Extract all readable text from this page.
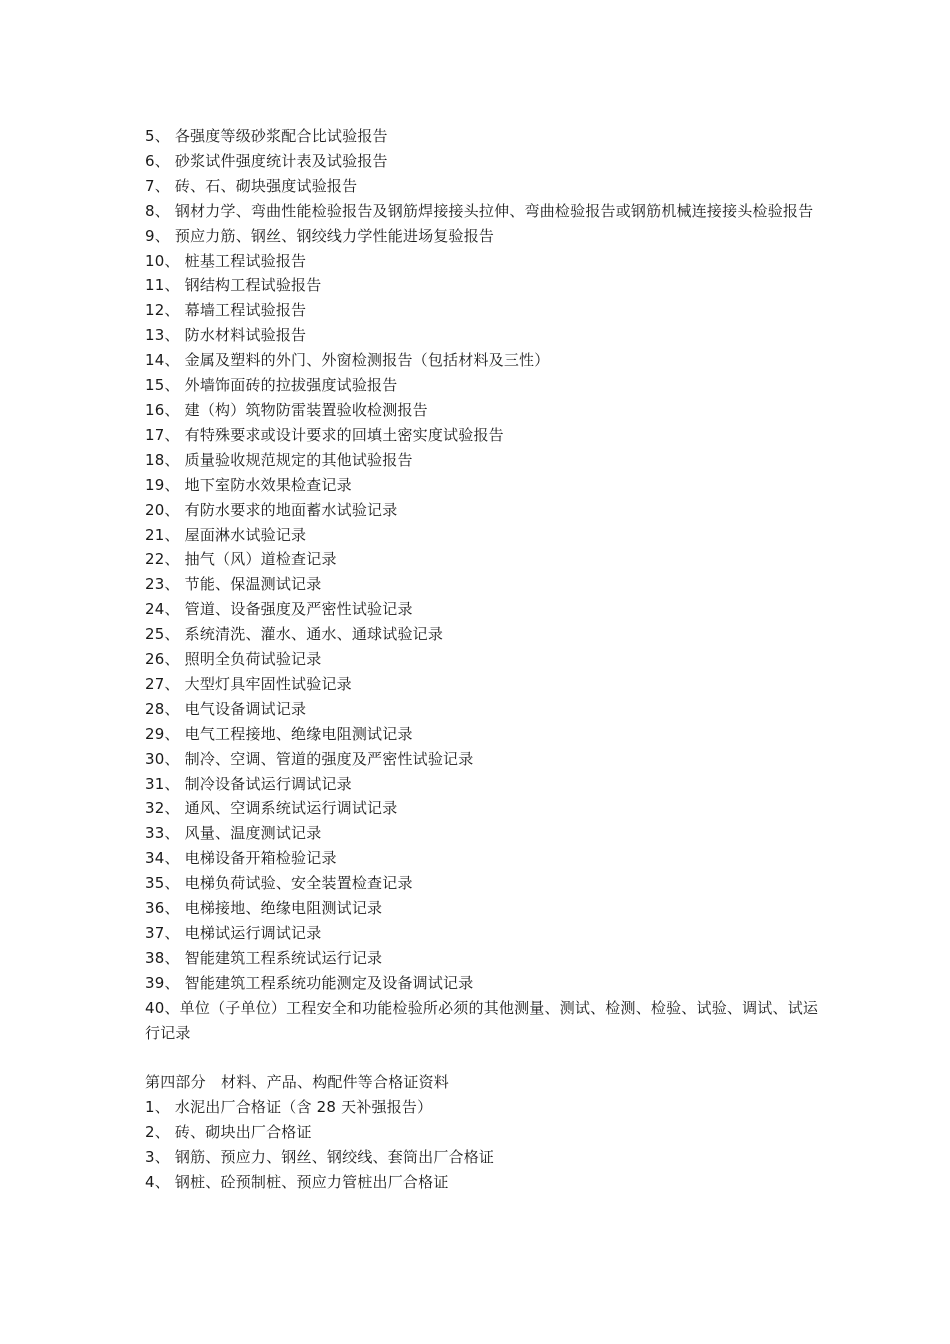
5、 各强度等级砂浆配合比试验报告

6、 砂浆试件强度统计表及试验报告

7、 砖、石、砌块强度试验报告

8、 钢材力学、弯曲性能检验报告及钢筋焊接接头拉伸、弯曲检验报告或钢筋机械连接接头检验报告

9、 预应力筋、钢丝、钢绞线力学性能进场复验报告

10、 桩基工程试验报告

11、 钢结构工程试验报告

12、 幕墙工程试验报告

13、 防水材料试验报告

14、 金属及塑料的外门、外窗检测报告（包括材料及三性）

15、 外墙饰面砖的拉拔强度试验报告

16、 建（构）筑物防雷装置验收检测报告

17、 有特殊要求或设计要求的回填土密实度试验报告

18、 质量验收规范规定的其他试验报告

19、 地下室防水效果检查记录

20、 有防水要求的地面蓄水试验记录

21、 屋面淋水试验记录

22、 抽气（风）道检查记录

23、 节能、保温测试记录

24、 管道、设备强度及严密性试验记录

25、 系统清洗、灌水、通水、通球试验记录

26、 照明全负荷试验记录

27、 大型灯具牢固性试验记录

28、 电气设备调试记录

29、 电气工程接地、绝缘电阻测试记录

30、 制冷、空调、管道的强度及严密性试验记录

31、 制冷设备试运行调试记录

32、 通风、空调系统试运行调试记录

33、 风量、温度测试记录

34、 电梯设备开箱检验记录

35、 电梯负荷试验、安全装置检查记录

36、 电梯接地、绝缘电阻测试记录

37、 电梯试运行调试记录

38、 智能建筑工程系统试运行记录

39、 智能建筑工程系统功能测定及设备调试记录

40、单位（子单位）工程安全和功能检验所必须的其他测量、测试、检测、检验、试验、调试、试运行记录

第四部分　材料、产品、构配件等合格证资料

1、 水泥出厂合格证（含 28 天补强报告）

2、 砖、砌块出厂合格证

3、 钢筋、预应力、钢丝、钢绞线、套筒出厂合格证

4、 钢桩、砼预制桩、预应力管桩出厂合格证
